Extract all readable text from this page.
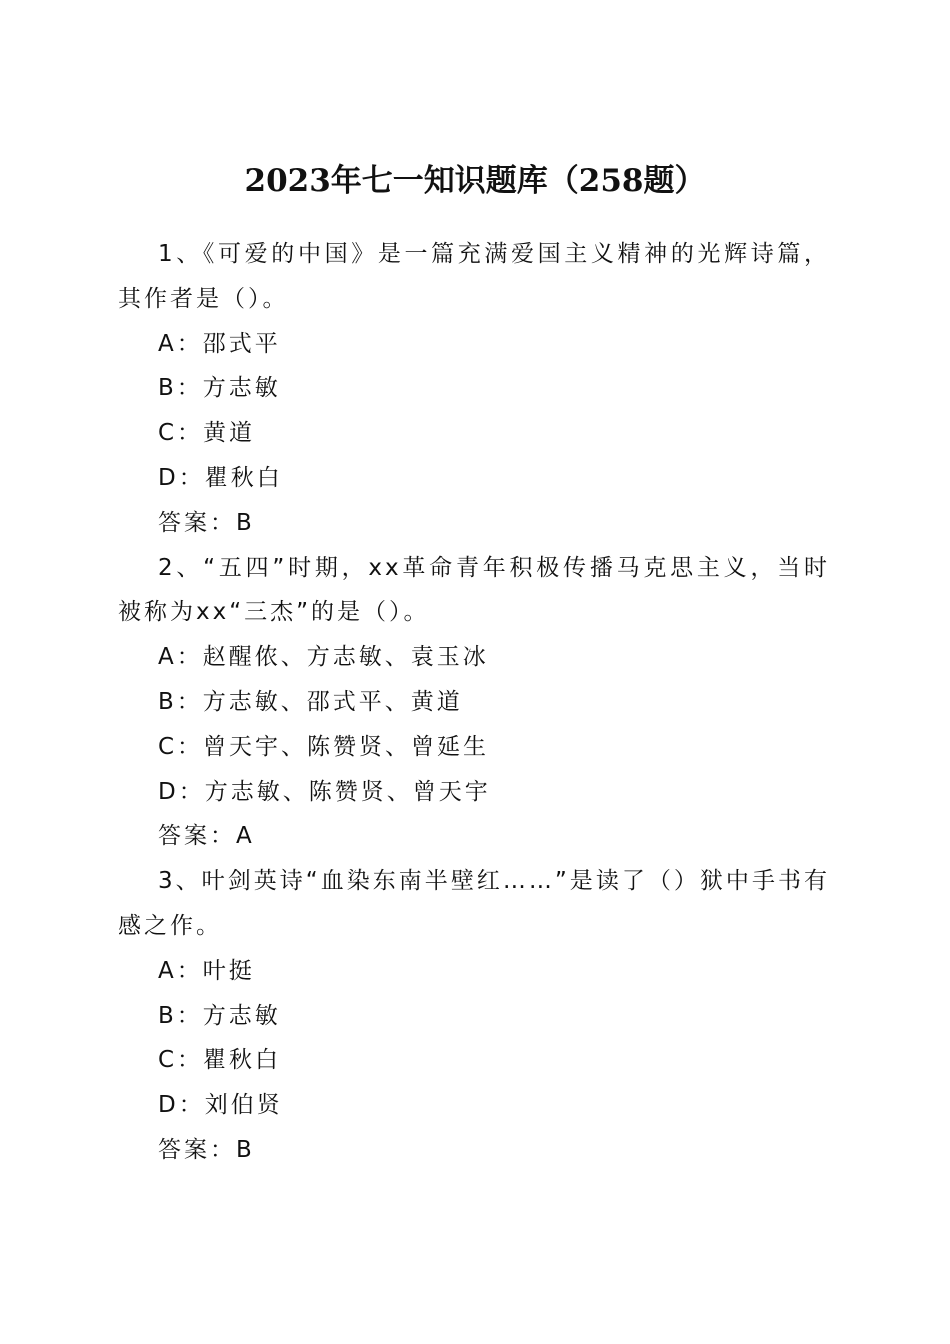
2023年七一知识题库（258题）

1、《可爱的中国》是一篇充满爱国主义精神的光辉诗篇，其作者是（）。

A：邵式平

B：方志敏

C：黄道

D：瞿秋白

答案：B

2、“五四”时期，xx革命青年积极传播马克思主义，当时被称为xx“三杰”的是（）。

A：赵醒侬、方志敏、袁玉冰

B：方志敏、邵式平、黄道

C：曾天宇、陈赞贤、曾延生

D：方志敏、陈赞贤、曾天宇

答案：A

3、叶剑英诗“血染东南半壁红……”是读了（）狱中手书有感之作。

A：叶挺

B：方志敏

C：瞿秋白

D：刘伯贤

答案：B
